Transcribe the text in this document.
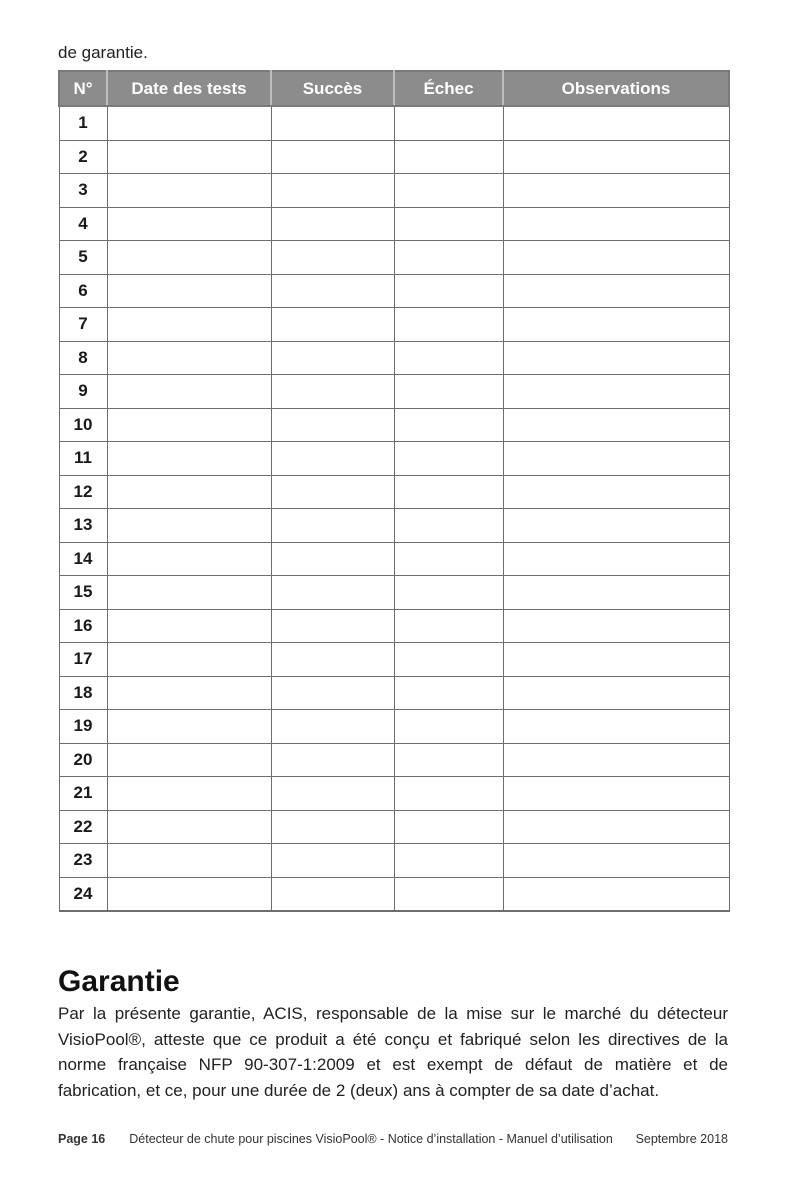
de garantie.
N°	Date des tests	Succès	Échec	Observations
1				
2				
3				
4				
5				
6				
7				
8				
9				
10				
11				
12				
13				
14				
15				
16				
17				
18				
19				
20				
21				
22				
23				
24				
Garantie

Par la présente garantie, ACIS, responsable de la mise sur le marché du détecteur VisioPool®, atteste que ce produit a été conçu et fabriqué selon les directives de la norme française NFP 90-307-1:2009 et est exempt de défaut de matière et de fabrication, et ce, pour une durée de 2 (deux) ans à compter de sa date d’achat.

Page 16 Détecteur de chute pour piscines VisioPool® - Notice d’installation - Manuel d’utilisation	Septembre 2018
